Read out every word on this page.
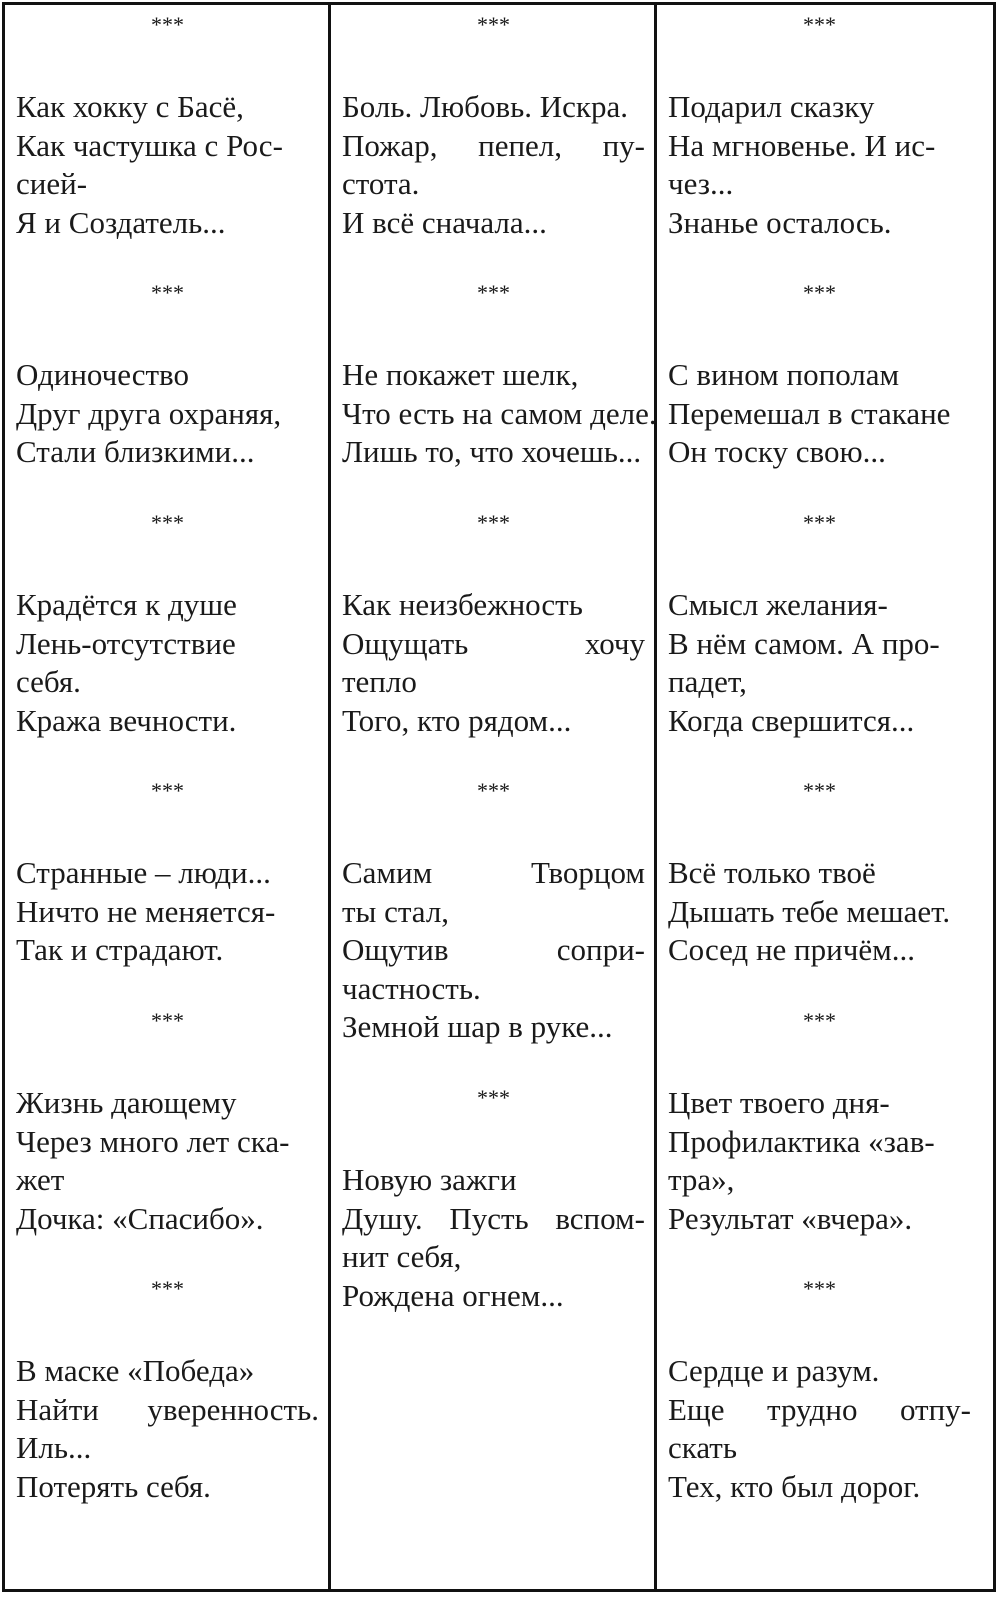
***
Как хокку с Басё,
Как частушка с Рос-
сией-
Я и Создатель...
***
Одиночество
Друг друга охраняя,
Стали близкими...
***
Крадётся к душе
Лень-отсутствие
себя.
Кража вечности.
***
Странные – люди...
Ничто не меняется-
Так и страдают.
***
Жизнь дающему
Через много лет ска-
жет
Дочка: «Спасибо».
***
В маске «Победа»
Найти уверенность.
Иль...
Потерять себя.
***
Боль. Любовь. Искра.
Пожар, пепел, пу-
стота.
И всё сначала...
***
Не покажет шелк,
Что есть на самом деле.
Лишь то, что хочешь...
***
Как неизбежность
Ощущать хочу
тепло
Того, кто рядом...
***
Самим Творцом
ты стал,
Ощутив сопри-
частность.
Земной шар в руке...
***
Новую зажги
Душу. Пусть вспом-
нит себя,
Рождена огнем...
***
Подарил сказку
На мгновенье. И ис-
чез...
Знанье осталось.
***
С вином пополам
Перемешал в стакане
Он тоску свою...
***
Смысл желания-
В нём самом. А про-
падет,
Когда свершится...
***
Всё только твоё
Дышать тебе мешает.
Сосед не причём...
***
Цвет твоего дня-
Профилактика «зав-
тра»,
Результат «вчера».
***
Сердце и разум.
Еще трудно отпу-
скать
Тех, кто был дорог.
